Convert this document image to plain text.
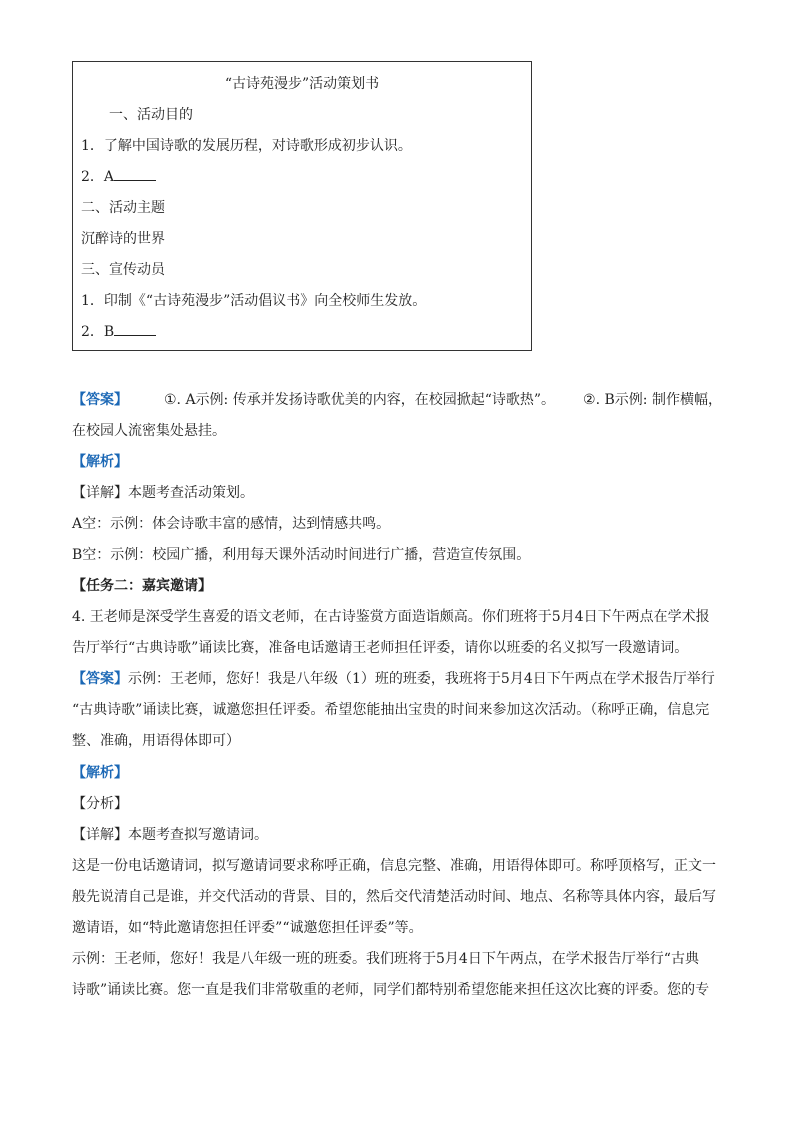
“古诗苑漫步”活动策划书
一、活动目的
1．了解中国诗歌的发展历程，对诗歌形成初步认识。
2．A
二、活动主题
沉醉诗的世界
三、宣传动员
1．印制《“古诗苑漫步”活动倡议书》向全校师生发放。
2．B
【答案】	①. A示例: 传承并发扬诗歌优美的内容，在校园掀起“诗歌热”。 ②. B示例: 制作横幅，
在校园人流密集处悬挂。
【解析】
【详解】本题考查活动策划。
A空：示例：体会诗歌丰富的感情，达到情感共鸣。
B空：示例：校园广播，利用每天课外活动时间进行广播，营造宣传氛围。
【任务二：嘉宾邀请】
4. 王老师是深受学生喜爱的语文老师，在古诗鉴赏方面造诣颇高。你们班将于5月4日下午两点在学术报
告厅举行“古典诗歌”诵读比赛，准备电话邀请王老师担任评委，请你以班委的名义拟写一段邀请词。
【答案】示例：王老师，您好！我是八年级（1）班的班委，我班将于5月4日下午两点在学术报告厅举行
“古典诗歌”诵读比赛，诚邀您担任评委。希望您能抽出宝贵的时间来参加这次活动。（称呼正确，信息完
整、准确，用语得体即可）
【解析】
【分析】
【详解】本题考查拟写邀请词。
这是一份电话邀请词，拟写邀请词要求称呼正确，信息完整、准确，用语得体即可。称呼顶格写，正文一
般先说清自己是谁，并交代活动的背景、目的，然后交代清楚活动时间、地点、名称等具体内容，最后写
邀请语，如“特此邀请您担任评委”“诚邀您担任评委”等。
示例：王老师，您好！我是八年级一班的班委。我们班将于5月4日下午两点，在学术报告厅举行“古典
诗歌”诵读比赛。您一直是我们非常敬重的老师，同学们都特别希望您能来担任这次比赛的评委。您的专
